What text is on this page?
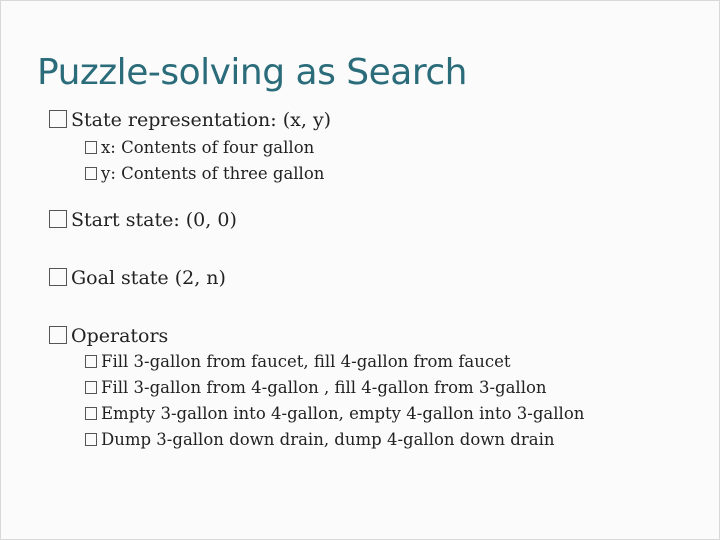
Puzzle-solving as Search
State representation: (x, y)
x: Contents of four gallon
y: Contents of three gallon
Start state: (0, 0)
Goal state (2, n)
Operators
Fill 3-gallon from faucet, fill 4-gallon from faucet
Fill 3-gallon from 4-gallon , fill 4-gallon from 3-gallon
Empty 3-gallon into 4-gallon, empty 4-gallon into 3-gallon
Dump 3-gallon down drain, dump 4-gallon down drain
